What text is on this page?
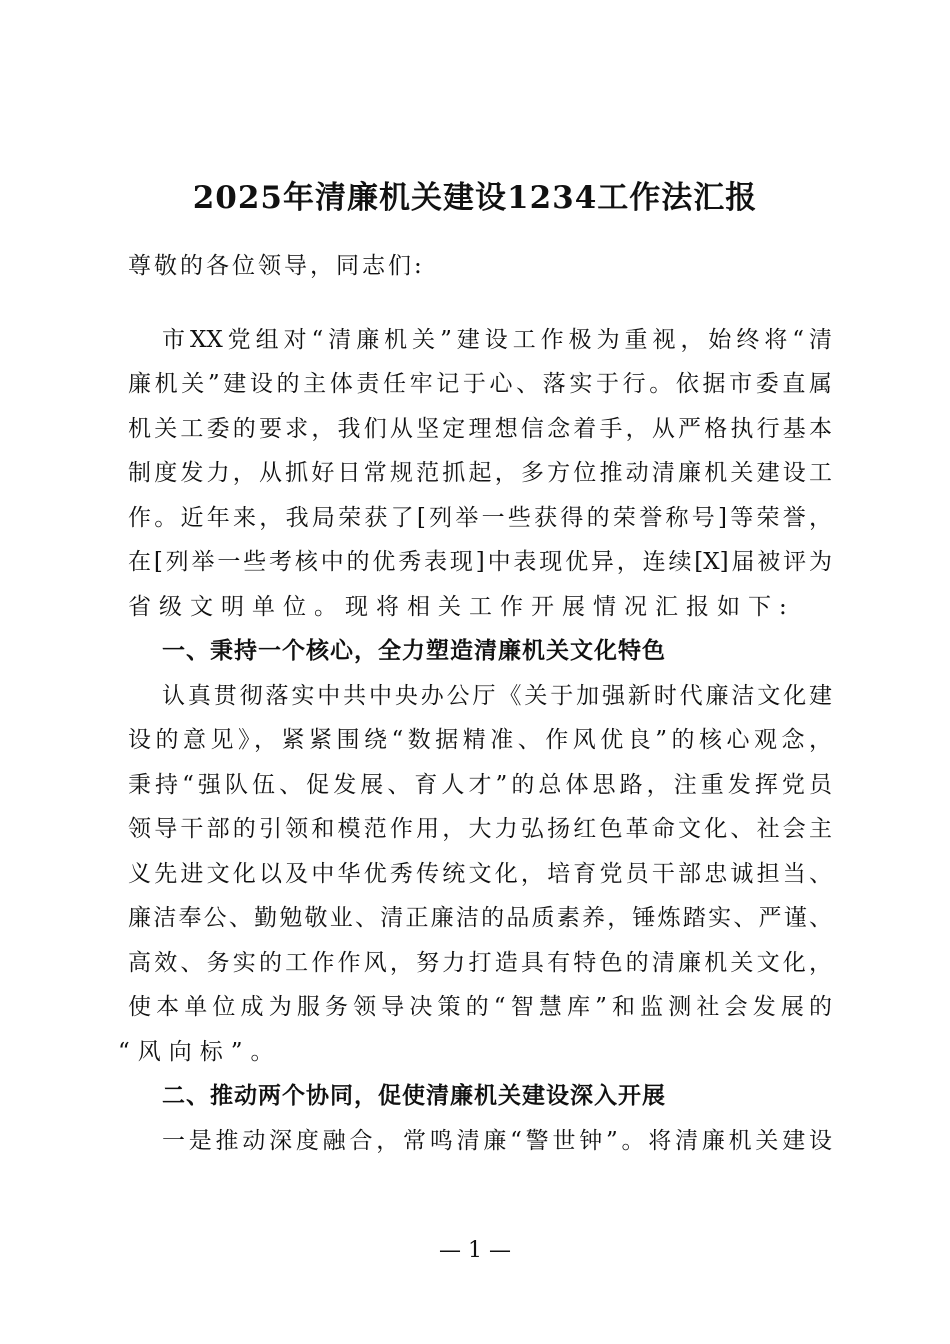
2025年清廉机关建设1234工作法汇报
尊敬的各位领导，同志们:
市XX党组对“清廉机关”建设工作极为重视，始终将“清
廉机关”建设的主体责任牢记于心、落实于行。依据市委直属
机关工委的要求，我们从坚定理想信念着手，从严格执行基本
制度发力，从抓好日常规范抓起，多方位推动清廉机关建设工
作。近年来，我局荣获了[列举一些获得的荣誉称号]等荣誉，
在[列举一些考核中的优秀表现]中表现优异，连续[X]届被评为
省级文明单位。现将相关工作开展情况汇报如下:
一、秉持一个核心，全力塑造清廉机关文化特色
认真贯彻落实中共中央办公厅《关于加强新时代廉洁文化建
设的意见》，紧紧围绕“数据精准、作风优良”的核心观念，
秉持“强队伍、促发展、育人才”的总体思路，注重发挥党员
领导干部的引领和模范作用，大力弘扬红色革命文化、社会主
义先进文化以及中华优秀传统文化，培育党员干部忠诚担当、
廉洁奉公、勤勉敬业、清正廉洁的品质素养，锤炼踏实、严谨、
高效、务实的工作作风，努力打造具有特色的清廉机关文化，
使本单位成为服务领导决策的“智慧库”和监测社会发展的
“风向标”。
二、推动两个协同，促使清廉机关建设深入开展
一是推动深度融合，常鸣清廉“警世钟”。将清廉机关建设
— 1 —
